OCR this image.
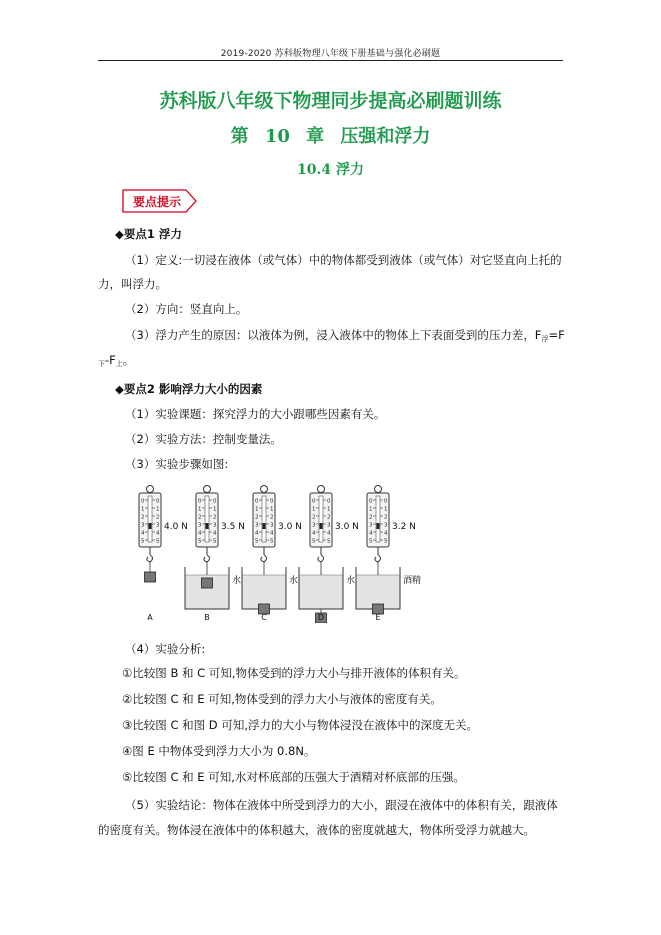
2019-2020 苏科版物理八年级下册基础与强化必刷题
苏科版八年级下物理同步提高必刷题训练
第 10 章 压强和浮力
10.4 浮力
要点提示
◆要点1 浮力
（1）定义:一切浸在液体（或气体）中的物体都受到液体（或气体）对它竖直向上托的
力，叫浮力。
（2）方向：竖直向上。
（3）浮力产生的原因：以液体为例，浸入液体中的物体上下表面受到的压力差，$F_浮=F$
$_下-F_上$。
◆要点2 影响浮力大小的因素
（1）实验课题：探究浮力的大小跟哪些因素有关。
（2）实验方法：控制变量法。
（3）实验步骤如图:
0 0
1 1
2 2
3 3
4 4
5 5
4.0 N
A
0 0
1 1
2 2
3 3
4 4
5 5
3.5 N
水
B
0 0
1 1
2 2
3 3
4 4
5 5
3.0 N
水
C
0 0
1 1
2 2
3 3
4 4
5 5
3.0 N
水
D
0 0
1 1
2 2
3 3
4 4
5 5
3.2 N
酒精
E
（4）实验分析:
①比较图 B 和 C 可知,物体受到的浮力大小与排开液体的体积有关。
②比较图 C 和 E 可知,物体受到的浮力大小与液体的密度有关。
③比较图 C 和图 D 可知,浮力的大小与物体浸没在液体中的深度无关。
④图 E 中物体受到浮力大小为 0.8N。
⑤比较图 C 和 E 可知,水对杯底部的压强大于酒精对杯底部的压强。
（5）实验结论：物体在液体中所受到浮力的大小，跟浸在液体中的体积有关，跟液体
的密度有关。物体浸在液体中的体积越大，液体的密度就越大，物体所受浮力就越大。
